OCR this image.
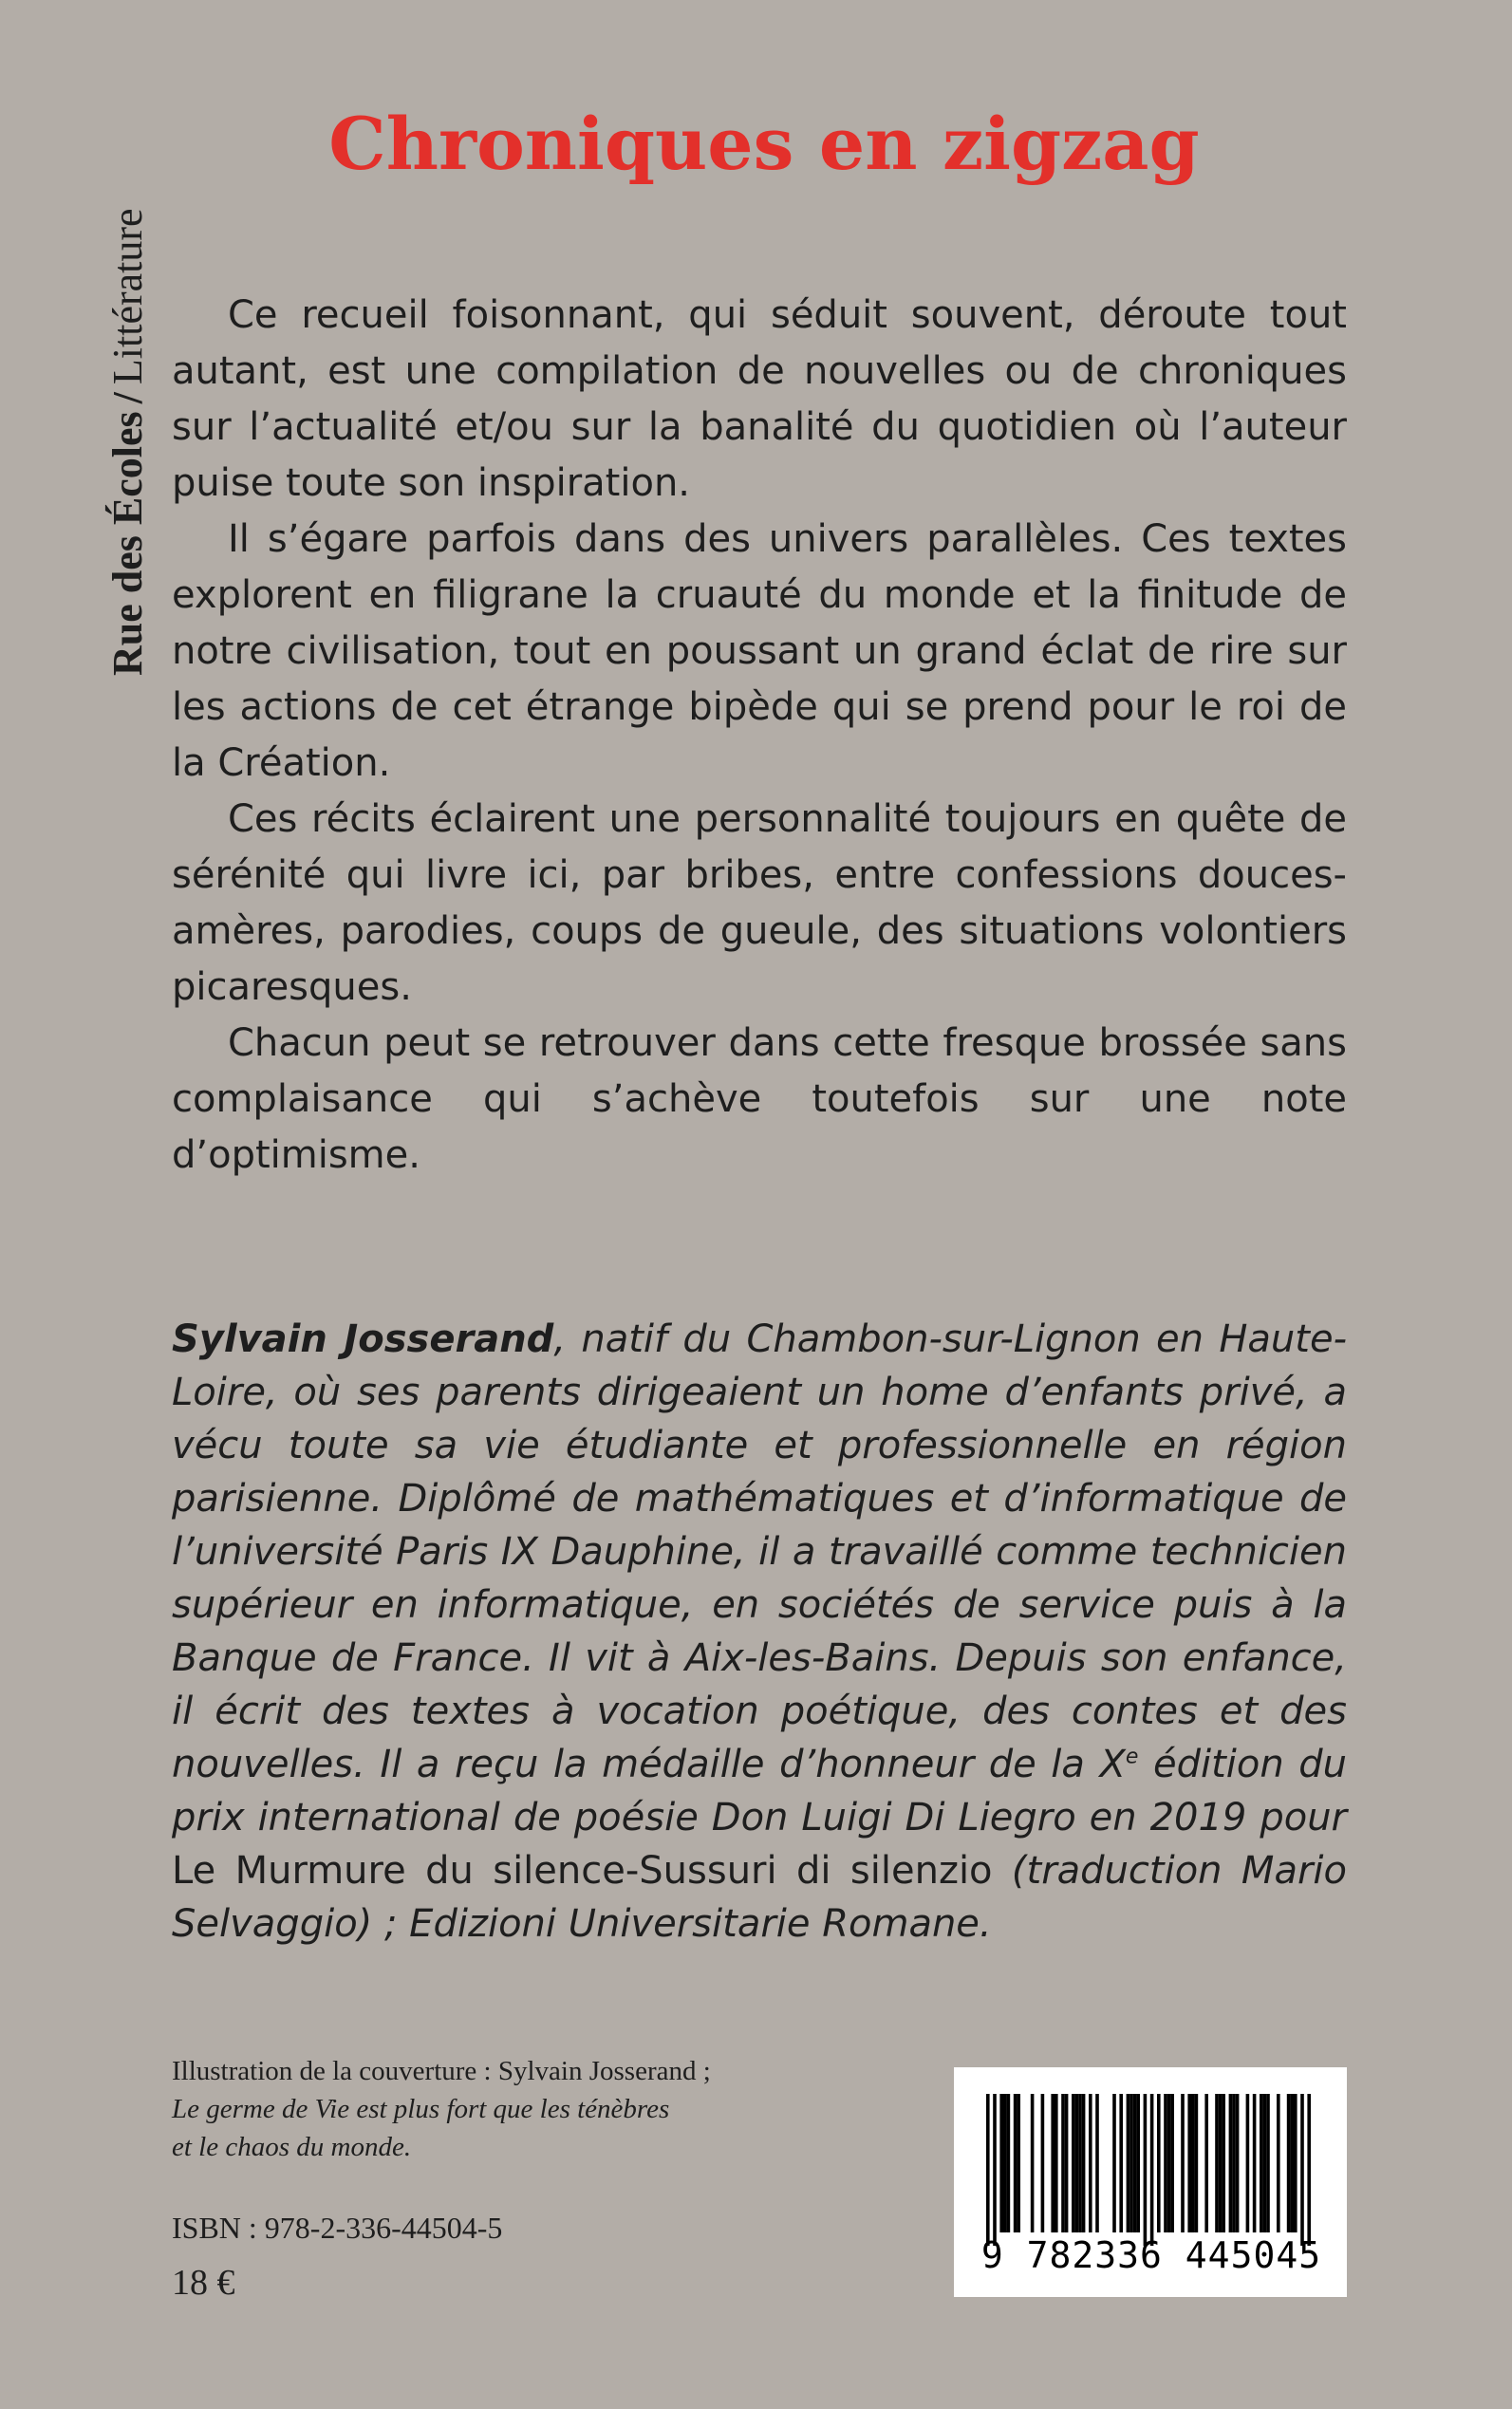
Rue des Écoles/Littérature
Chroniques en zigzag

Ce recueil foisonnant, qui séduit souvent, déroute tout autant, est une compilation de nouvelles ou de chroniques sur l’actualité et/ou sur la banalité du quotidien où l’auteur puise toute son inspiration.

Il s’égare parfois dans des univers parallèles. Ces textes explorent en filigrane la cruauté du monde et la finitude de notre civilisation, tout en poussant un grand éclat de rire sur les actions de cet étrange bipède qui se prend pour le roi de la Création.

Ces récits éclairent une personnalité toujours en quête de sérénité qui livre ici, par bribes, entre confessions douces-amères, parodies, coups de gueule, des situations volontiers picaresques.

Chacun peut se retrouver dans cette fresque brossée sans complaisance qui s’achève toutefois sur une note d’optimisme.

Sylvain Josserand, natif du Chambon-sur-Lignon en Haute-Loire, où ses parents dirigeaient un home d’enfants privé, a vécu toute sa vie étudiante et professionnelle en région parisienne. Diplômé de mathématiques et d’informatique de l’université Paris IX Dauphine, il a travaillé comme technicien supérieur en informatique, en sociétés de service puis à la Banque de France. Il vit à Aix-les-Bains. Depuis son enfance, il écrit des textes à vocation poétique, des contes et des nouvelles. Il a reçu la médaille d’honneur de la Xe édition du prix international de poésie Don Luigi Di Liegro en 2019 pour Le Murmure du silence-Sussuri di silenzio (traduction Mario Selvaggio) ; Edizioni Universitarie Romane.

Illustration de la couverture : Sylvain Josserand ;
Le germe de Vie est plus fort que les ténèbres
et le chaos du monde.
ISBN : 978-2-336-44504-5
18 €
9 782336 445045
